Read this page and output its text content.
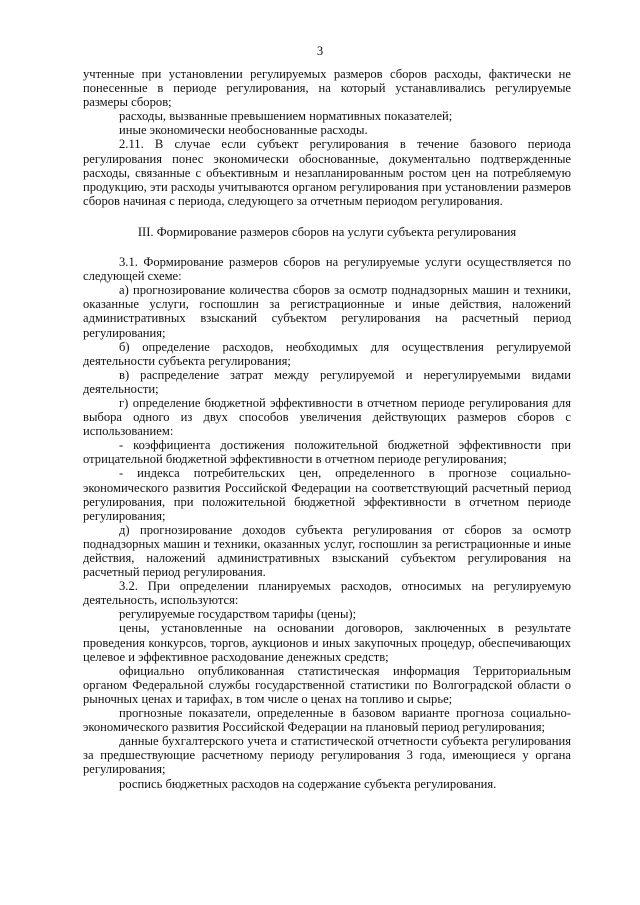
3

учтенные при установлении регулируемых размеров сборов расходы, фактически не понесенные в периоде регулирования, на который устанавливались регулируемые размеры сборов;

расходы, вызванные превышением нормативных показателей;

иные экономически необоснованные расходы.

2.11. В случае если субъект регулирования в течение базового периода регулирования понес экономически обоснованные, документально подтвержденные расходы, связанные с объективным и незапланированным ростом цен на потребляемую продукцию, эти расходы учитываются органом регулирования при установлении размеров сборов начиная с периода, следующего за отчетным периодом регулирования.

III. Формирование размеров сборов на услуги субъекта регулирования

3.1. Формирование размеров сборов на регулируемые услуги осуществляется по следующей схеме:

а) прогнозирование количества сборов за осмотр поднадзорных машин и техники, оказанные услуги, госпошлин за регистрационные и иные действия, наложений административных взысканий субъектом регулирования на расчетный период регулирования;

б) определение расходов, необходимых для осуществления регулируемой деятельности субъекта регулирования;

в) распределение затрат между регулируемой и нерегулируемыми видами деятельности;

г) определение бюджетной эффективности в отчетном периоде регулирования для выбора одного из двух способов увеличения действующих размеров сборов с использованием:

- коэффициента достижения положительной бюджетной эффективности при отрицательной бюджетной эффективности в отчетном периоде регулирования;

- индекса потребительских цен, определенного в прогнозе социально-экономического развития Российской Федерации на соответствующий расчетный период регулирования, при положительной бюджетной эффективности в отчетном периоде регулирования;

д) прогнозирование доходов субъекта регулирования от сборов за осмотр поднадзорных машин и техники, оказанных услуг, госпошлин за регистрационные и иные действия, наложений административных взысканий субъектом регулирования на расчетный период регулирования.

3.2. При определении планируемых расходов, относимых на регулируемую деятельность, используются:

регулируемые государством тарифы (цены);

цены, установленные на основании договоров, заключенных в результате проведения конкурсов, торгов, аукционов и иных закупочных процедур, обеспечивающих целевое и эффективное расходование денежных средств;

официально опубликованная статистическая информация Территориальным органом Федеральной службы государственной статистики по Волгоградской области о рыночных ценах и тарифах, в том числе о ценах на топливо и сырье;

прогнозные показатели, определенные в базовом варианте прогноза социально-экономического развития Российской Федерации на плановый период регулирования;

данные бухгалтерского учета и статистической отчетности субъекта регулирования за предшествующие расчетному периоду регулирования 3 года, имеющиеся у органа регулирования;

роспись бюджетных расходов на содержание субъекта регулирования.
